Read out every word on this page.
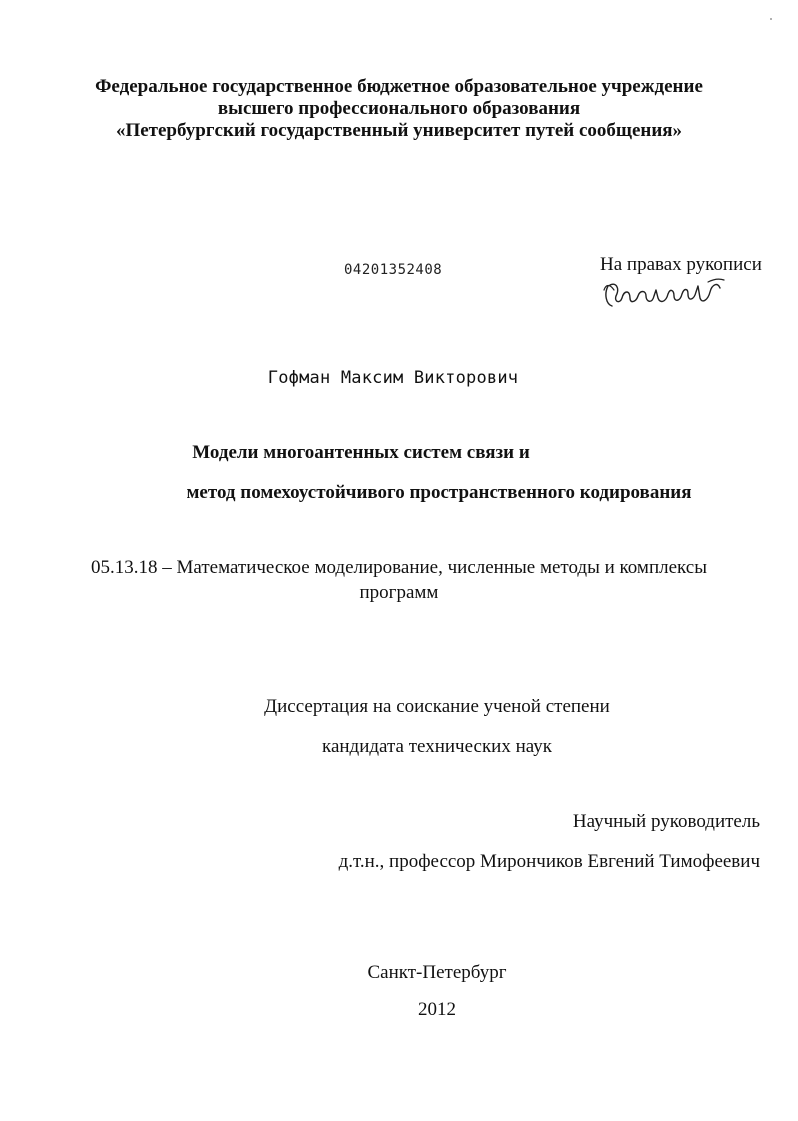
Федеральное государственное бюджетное образовательное учреждение
высшего профессионального образования
«Петербургский государственный университет путей сообщения»
04201352408	На правах рукописи
Гофман Максим Викторович
Модели многоантенных систем связи и
метод помехоустойчивого пространственного кодирования
05.13.18 – Математическое моделирование, численные методы и комплексы
программ
Диссертация на соискание ученой степени
кандидата технических наук
Научный руководитель
д.т.н., профессор Мирончиков Евгений Тимофеевич
Санкт-Петербург
2012
